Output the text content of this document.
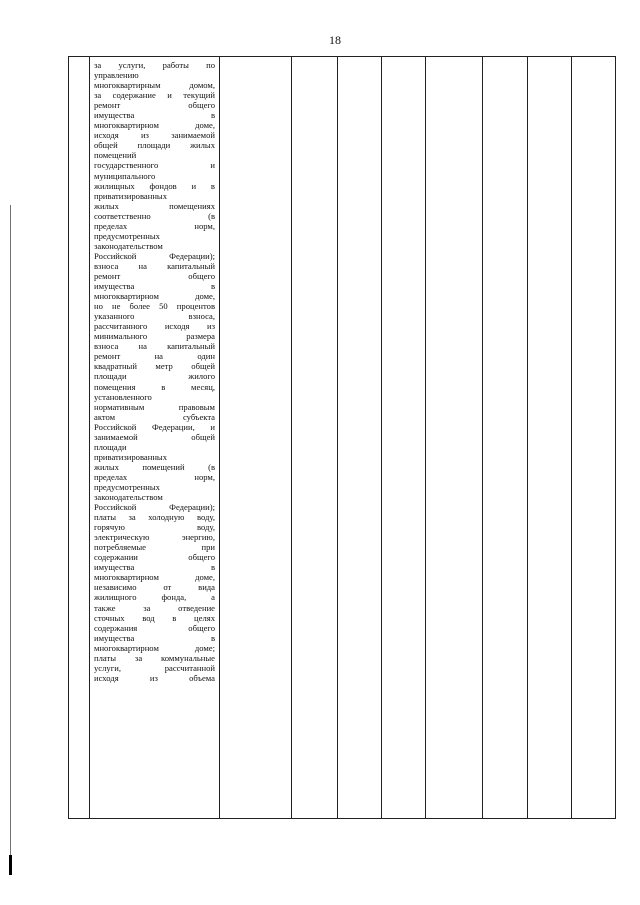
18

за услуги, работы по
управлению
многоквартирным домом,
за содержание и текущий
ремонт общего
имущества в
многоквартирном доме,
исходя из занимаемой
общей площади жилых
помещений
государственного и
муниципального
жилищных фондов и в
приватизированных
жилых помещениях
соответственно (в
пределах норм,
предусмотренных
законодательством
Российской Федерации);
взноса на капитальный
ремонт общего
имущества в
многоквартирном доме,
но не более 50 процентов
указанного взноса,
рассчитанного исходя из
минимального размера
взноса на капитальный
ремонт на один
квадратный метр общей
площади жилого
помещения в месяц,
установленного
нормативным правовым
актом субъекта
Российской Федерации, и
занимаемой общей
площади
приватизированных
жилых помещений (в
пределах норм,
предусмотренных
законодательством
Российской Федерации);
платы за холодную воду,
горячую воду,
электрическую энергию,
потребляемые при
содержании общего
имущества в
многоквартирном доме,
независимо от вида
жилищного фонда, а
также за отведение
сточных вод в целях
содержания общего
имущества в
многоквартирном доме;
платы за коммунальные
услуги, рассчитанной
исходя из объема
